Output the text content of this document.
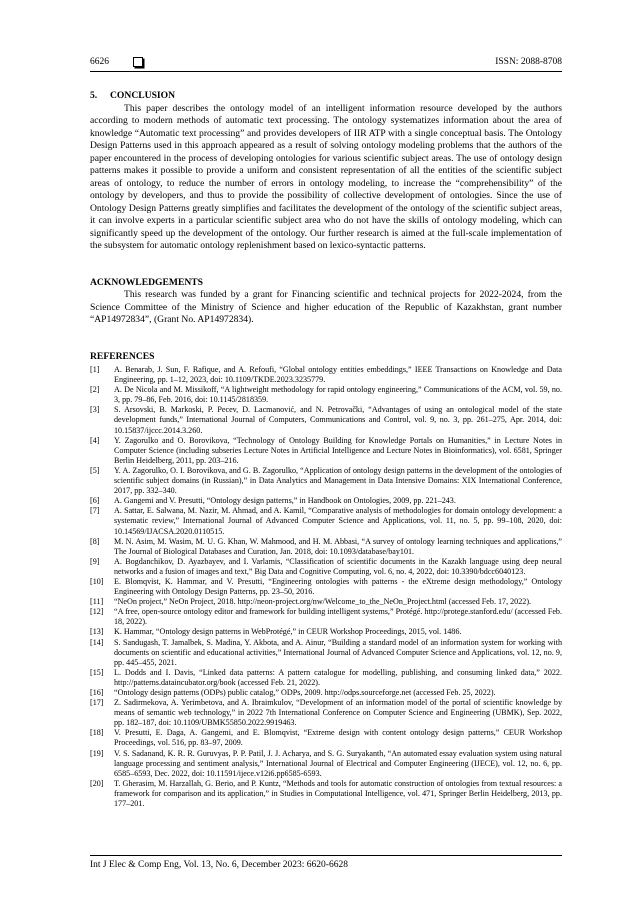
6626	ISSN: 2088-8708
5. CONCLUSION

This paper describes the ontology model of an intelligent information resource developed by the authors according to modern methods of automatic text processing. The ontology systematizes information about the area of knowledge “Automatic text processing” and provides developers of IIR ATP with a single conceptual basis. The Ontology Design Patterns used in this approach appeared as a result of solving ontology modeling problems that the authors of the paper encountered in the process of developing ontologies for various scientific subject areas. The use of ontology design patterns makes it possible to provide a uniform and consistent representation of all the entities of the scientific subject areas of ontology, to reduce the number of errors in ontology modeling, to increase the “comprehensibility” of the ontology by developers, and thus to provide the possibility of collective development of ontologies. Since the use of Ontology Design Patterns greatly simplifies and facilitates the development of the ontology of the scientific subject areas, it can involve experts in a particular scientific subject area who do not have the skills of ontology modeling, which can significantly speed up the development of the ontology. Our further research is aimed at the full-scale implementation of the subsystem for automatic ontology replenishment based on lexico-syntactic patterns.

ACKNOWLEDGEMENTS

This research was funded by a grant for Financing scientific and technical projects for 2022-2024, from the Science Committee of the Ministry of Science and higher education of the Republic of Kazakhstan, grant number “AP14972834”, (Grant No. AP14972834).

REFERENCES
[1]	A. Benarab, J. Sun, F. Rafique, and A. Refoufi, “Global ontology entities embeddings,” IEEE Transactions on Knowledge and Data Engineering, pp. 1–12, 2023, doi: 10.1109/TKDE.2023.3235779.
[2]	A. De Nicola and M. Missikoff, “A lightweight methodology for rapid ontology engineering,” Communications of the ACM, vol. 59, no. 3, pp. 79–86, Feb. 2016, doi: 10.1145/2818359.
[3]	S. Arsovski, B. Markoski, P. Pecev, D. Lacmanović, and N. Petrovački, “Advantages of using an ontological model of the state development funds,” International Journal of Computers, Communications and Control, vol. 9, no. 3, pp. 261–275, Apr. 2014, doi: 10.15837/ijccc.2014.3.260.
[4]	Y. Zagorulko and O. Borovikova, “Technology of Ontology Building for Knowledge Portals on Humanities,” in Lecture Notes in Computer Science (including subseries Lecture Notes in Artificial Intelligence and Lecture Notes in Bioinformatics), vol. 6581, Springer Berlin Heidelberg, 2011, pp. 203–216.
[5]	Y. A. Zagorulko, O. I. Borovikova, and G. B. Zagorulko, “Application of ontology design patterns in the development of the ontologies of scientific subject domains (in Russian),” in Data Analytics and Management in Data Intensive Domains: XIX International Conference, 2017, pp. 332–340.
[6]	A. Gangemi and V. Presutti, “Ontology design patterns,” in Handbook on Ontologies, 2009, pp. 221–243.
[7]	A. Sattar, E. Salwana, M. Nazir, M. Ahmad, and A. Kamil, “Comparative analysis of methodologies for domain ontology development: a systematic review,” International Journal of Advanced Computer Science and Applications, vol. 11, no. 5, pp. 99–108, 2020, doi: 10.14569/IJACSA.2020.0110515.
[8]	M. N. Asim, M. Wasim, M. U. G. Khan, W. Mahmood, and H. M. Abbasi, “A survey of ontology learning techniques and applications,” The Journal of Biological Databases and Curation, Jan. 2018, doi: 10.1093/database/bay101.
[9]	A. Bogdanchikov, D. Ayazbayev, and I. Varlamis, “Classification of scientific documents in the Kazakh language using deep neural networks and a fusion of images and text,” Big Data and Cognitive Computing, vol. 6, no. 4, 2022, doi: 10.3390/bdcc6040123.
[10]	E. Blomqvist, K. Hammar, and V. Presutti, “Engineering ontologies with patterns - the eXtreme design methodology,” Ontology Engineering with Ontology Design Patterns, pp. 23–50, 2016.
[11]	“NeOn project,” NeOn Project, 2018. http://neon-project.org/nw/Welcome_to_the_NeOn_Project.html (accessed Feb. 17, 2022).
[12]	“A free, open-source ontology editor and framework for building intelligent systems,” Protégé. http://protege.stanford.edu/ (accessed Feb. 18, 2022).
[13]	K. Hammar, “Ontology design patterns in WebProtégé,” in CEUR Workshop Proceedings, 2015, vol. 1486.
[14]	S. Sandugash, T. Jamalbek, S. Madina, Y. Akbota, and A. Ainur, “Building a standard model of an information system for working with documents on scientific and educational activities,” International Journal of Advanced Computer Science and Applications, vol. 12, no. 9, pp. 445–455, 2021.
[15]	L. Dodds and I. Davis, “Linked data patterns: A pattern catalogue for modelling, publishing, and consuming linked data,” 2022. http://patterns.dataincubator.org/book (accessed Feb. 21, 2022).
[16]	“Ontology design patterns (ODPs) public catalog,” ODPs, 2009. http://odps.sourceforge.net (accessed Feb. 25, 2022).
[17]	Z. Sadirmekova, A. Yerimbetova, and A. Ibraimkulov, “Development of an information model of the portal of scientific knowledge by means of semantic web technology,” in 2022 7th International Conference on Computer Science and Engineering (UBMK), Sep. 2022, pp. 182–187, doi: 10.1109/UBMK55850.2022.9919463.
[18]	V. Presutti, E. Daga, A. Gangemi, and E. Blomqvist, “Extreme design with content ontology design patterns,” CEUR Workshop Proceedings, vol. 516, pp. 83–97, 2009.
[19]	V. S. Sadanand, K. R. R. Guruvyas, P. P. Patil, J. J. Acharya, and S. G. Suryakanth, “An automated essay evaluation system using natural language processing and sentiment analysis,” International Journal of Electrical and Computer Engineering (IJECE), vol. 12, no. 6, pp. 6585–6593, Dec. 2022, doi: 10.11591/ijece.v12i6.pp6585-6593.
[20]	T. Gherasim, M. Harzallah, G. Berio, and P. Kuntz, “Methods and tools for automatic construction of ontologies from textual resources: a framework for comparison and its application,” in Studies in Computational Intelligence, vol. 471, Springer Berlin Heidelberg, 2013, pp. 177–201.
Int J Elec & Comp Eng, Vol. 13, No. 6, December 2023: 6620-6628
